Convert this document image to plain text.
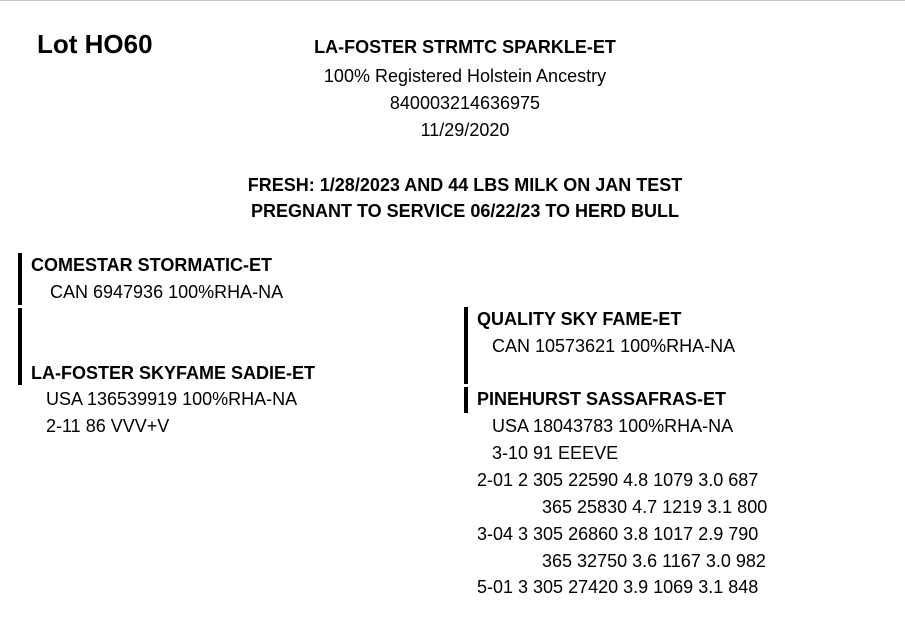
Lot HO60	LA-FOSTER STRMTC SPARKLE-ET
100% Registered Holstein Ancestry
840003214636975
11/29/2020
FRESH: 1/28/2023 AND 44 LBS MILK ON JAN TEST
PREGNANT TO SERVICE 06/22/23 TO HERD BULL
COMESTAR STORMATIC-ET
CAN 6947936 100%RHA-NA
LA-FOSTER SKYFAME SADIE-ET
USA 136539919 100%RHA-NA
2-11 86 VVV+V
QUALITY SKY FAME-ET
CAN 10573621 100%RHA-NA
PINEHURST SASSAFRAS-ET
USA 18043783 100%RHA-NA
3-10 91 EEEVE
2-01 2 305 22590 4.8 1079 3.0 687
365 25830 4.7 1219 3.1 800
3-04 3 305 26860 3.8 1017 2.9 790
365 32750 3.6 1167 3.0 982
5-01 3 305 27420 3.9 1069 3.1 848
